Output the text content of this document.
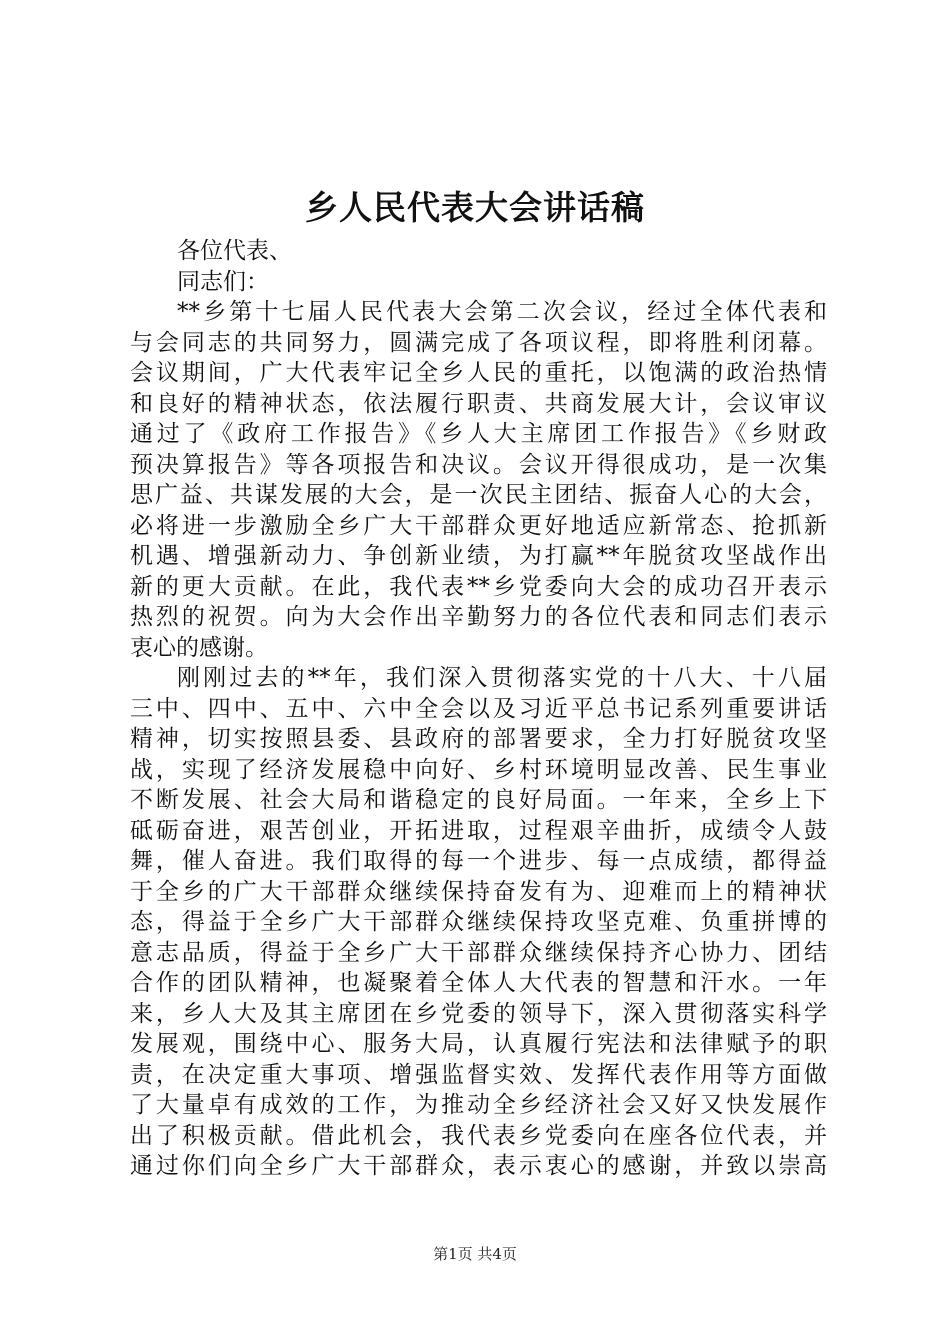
乡人民代表大会讲话稿
各位代表、
同志们：

**乡第十七届人民代表大会第二次会议，经过全体代表和
与会同志的共同努力，圆满完成了各项议程，即将胜利闭幕。
会议期间，广大代表牢记全乡人民的重托，以饱满的政治热情
和良好的精神状态，依法履行职责、共商发展大计，会议审议
通过了《政府工作报告》《乡人大主席团工作报告》《乡财政
预决算报告》等各项报告和决议。会议开得很成功，是一次集
思广益、共谋发展的大会，是一次民主团结、振奋人心的大会，
必将进一步激励全乡广大干部群众更好地适应新常态、抢抓新
机遇、增强新动力、争创新业绩，为打赢**年脱贫攻坚战作出
新的更大贡献。在此，我代表**乡党委向大会的成功召开表示
热烈的祝贺。向为大会作出辛勤努力的各位代表和同志们表示
衷心的感谢。

刚刚过去的**年，我们深入贯彻落实党的十八大、十八届
三中、四中、五中、六中全会以及习近平总书记系列重要讲话
精神，切实按照县委、县政府的部署要求，全力打好脱贫攻坚
战，实现了经济发展稳中向好、乡村环境明显改善、民生事业
不断发展、社会大局和谐稳定的良好局面。一年来，全乡上下
砥砺奋进，艰苦创业，开拓进取，过程艰辛曲折，成绩令人鼓
舞，催人奋进。我们取得的每一个进步、每一点成绩，都得益
于全乡的广大干部群众继续保持奋发有为、迎难而上的精神状
态，得益于全乡广大干部群众继续保持攻坚克难、负重拼博的
意志品质，得益于全乡广大干部群众继续保持齐心协力、团结
合作的团队精神，也凝聚着全体人大代表的智慧和汗水。一年
来，乡人大及其主席团在乡党委的领导下，深入贯彻落实科学
发展观，围绕中心、服务大局，认真履行宪法和法律赋予的职
责，在决定重大事项、增强监督实效、发挥代表作用等方面做
了大量卓有成效的工作，为推动全乡经济社会又好又快发展作
出了积极贡献。借此机会，我代表乡党委向在座各位代表，并
通过你们向全乡广大干部群众，表示衷心的感谢，并致以崇高

第1页 共4页
